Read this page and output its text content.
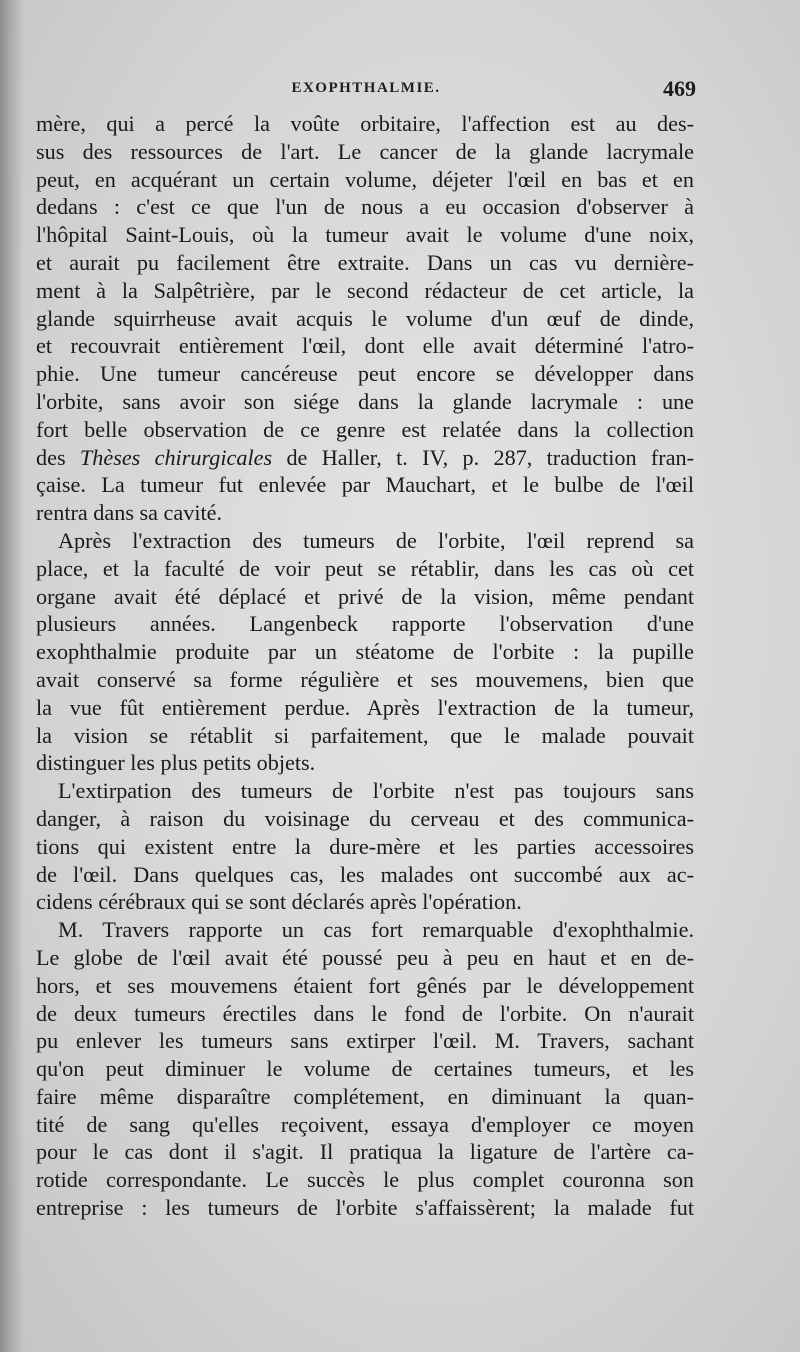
EXOPHTHALMIE.	469
mère, qui a percé la voûte orbitaire, l'affection est au des-
sus des ressources de l'art. Le cancer de la glande lacrymale
peut, en acquérant un certain volume, déjeter l'œil en bas et en
dedans : c'est ce que l'un de nous a eu occasion d'observer à
l'hôpital Saint-Louis, où la tumeur avait le volume d'une noix,
et aurait pu facilement être extraite. Dans un cas vu dernière-
ment à la Salpêtrière, par le second rédacteur de cet article, la
glande squirrheuse avait acquis le volume d'un œuf de dinde,
et recouvrait entièrement l'œil, dont elle avait déterminé l'atro-
phie. Une tumeur cancéreuse peut encore se développer dans
l'orbite, sans avoir son siége dans la glande lacrymale : une
fort belle observation de ce genre est relatée dans la collection
des Thèses chirurgicales de Haller, t. IV, p. 287, traduction fran-
çaise. La tumeur fut enlevée par Mauchart, et le bulbe de l'œil
rentra dans sa cavité.
Après l'extraction des tumeurs de l'orbite, l'œil reprend sa
place, et la faculté de voir peut se rétablir, dans les cas où cet
organe avait été déplacé et privé de la vision, même pendant
plusieurs années. Langenbeck rapporte l'observation d'une
exophthalmie produite par un stéatome de l'orbite : la pupille
avait conservé sa forme régulière et ses mouvemens, bien que
la vue fût entièrement perdue. Après l'extraction de la tumeur,
la vision se rétablit si parfaitement, que le malade pouvait
distinguer les plus petits objets.
L'extirpation des tumeurs de l'orbite n'est pas toujours sans
danger, à raison du voisinage du cerveau et des communica-
tions qui existent entre la dure-mère et les parties accessoires
de l'œil. Dans quelques cas, les malades ont succombé aux ac-
cidens cérébraux qui se sont déclarés après l'opération.
M. Travers rapporte un cas fort remarquable d'exophthalmie.
Le globe de l'œil avait été poussé peu à peu en haut et en de-
hors, et ses mouvemens étaient fort gênés par le développement
de deux tumeurs érectiles dans le fond de l'orbite. On n'aurait
pu enlever les tumeurs sans extirper l'œil. M. Travers, sachant
qu'on peut diminuer le volume de certaines tumeurs, et les
faire même disparaître complétement, en diminuant la quan-
tité de sang qu'elles reçoivent, essaya d'employer ce moyen
pour le cas dont il s'agit. Il pratiqua la ligature de l'artère ca-
rotide correspondante. Le succès le plus complet couronna son
entreprise : les tumeurs de l'orbite s'affaissèrent; la malade fut
